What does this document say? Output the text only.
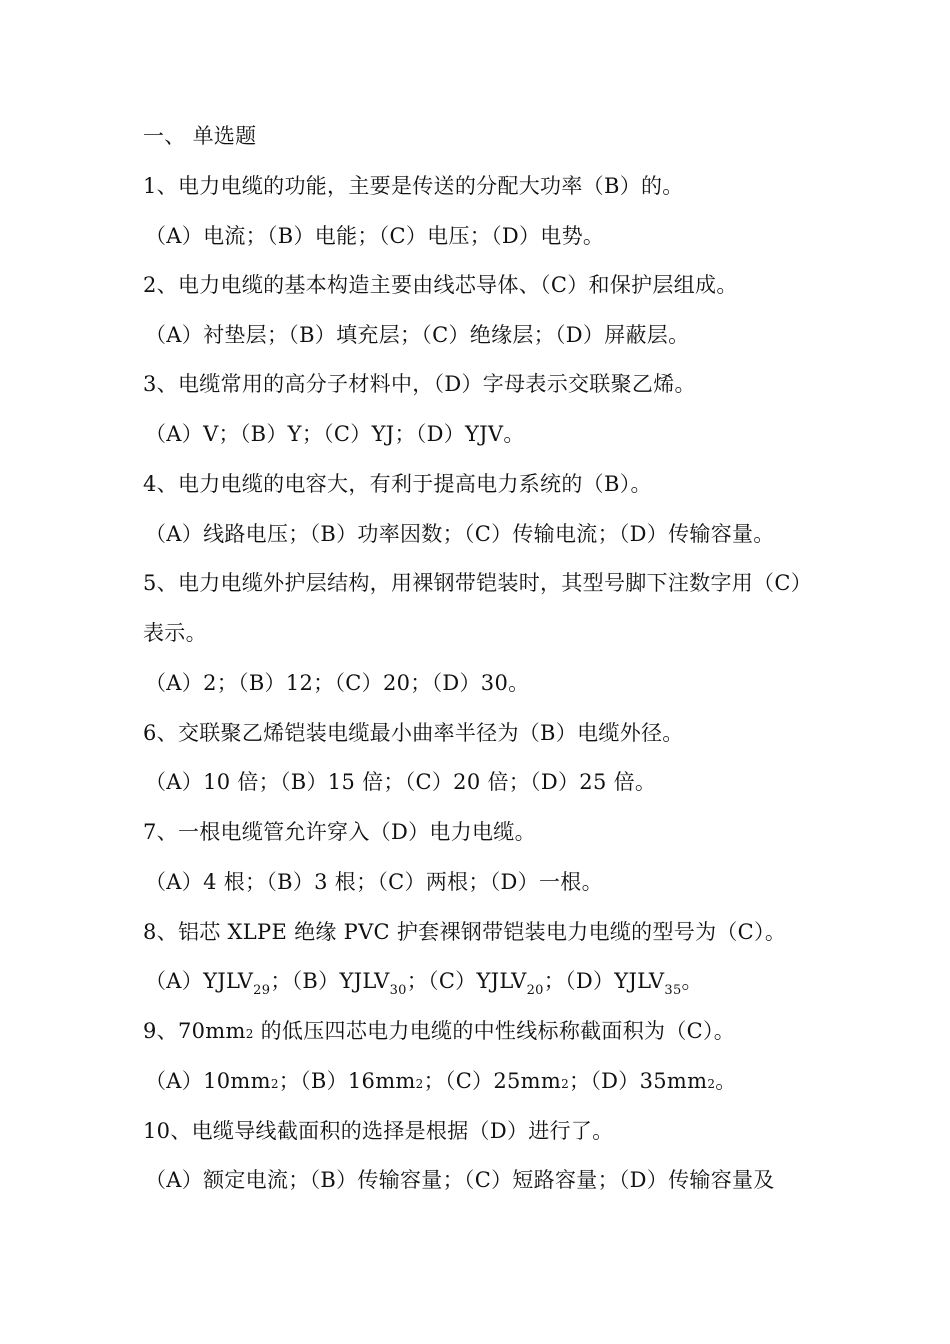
一、 单选题
1、电力电缆的功能，主要是传送的分配大功率（B）的。
（A）电流；（B）电能；（C）电压；（D）电势。
2、电力电缆的基本构造主要由线芯导体、（C）和保护层组成。
（A）衬垫层；（B）填充层；（C）绝缘层；（D）屏蔽层。
3、电缆常用的高分子材料中，（D）字母表示交联聚乙烯。
（A）V；（B）Y；（C）YJ；（D）YJV。
4、电力电缆的电容大，有利于提高电力系统的（B）。
（A）线路电压；（B）功率因数；（C）传输电流；（D）传输容量。
5、电力电缆外护层结构，用裸钢带铠装时，其型号脚下注数字用（C）
表示。
（A）2；（B）12；（C）20；（D）30。
6、交联聚乙烯铠装电缆最小曲率半径为（B）电缆外径。
（A）10 倍；（B）15 倍；（C）20 倍；（D）25 倍。
7、一根电缆管允许穿入（D）电力电缆。
（A）4 根；（B）3 根；（C）两根；（D）一根。
8、铝芯 XLPE 绝缘 PVC 护套裸钢带铠装电力电缆的型号为（C）。
$(A)YJLV_{29}$；$(B)YJLV_{30}$；$(C)YJLV_{20}$；$(D)YJLV_{35}$。
9、70mm2 的低压四芯电力电缆的中性线标称截面积为（C）。
（A）10mm2；（B）16mm2；（C）25mm2；（D）35mm2。
10、电缆导线截面积的选择是根据（D）进行了。
（A）额定电流；（B）传输容量；（C）短路容量；（D）传输容量及
